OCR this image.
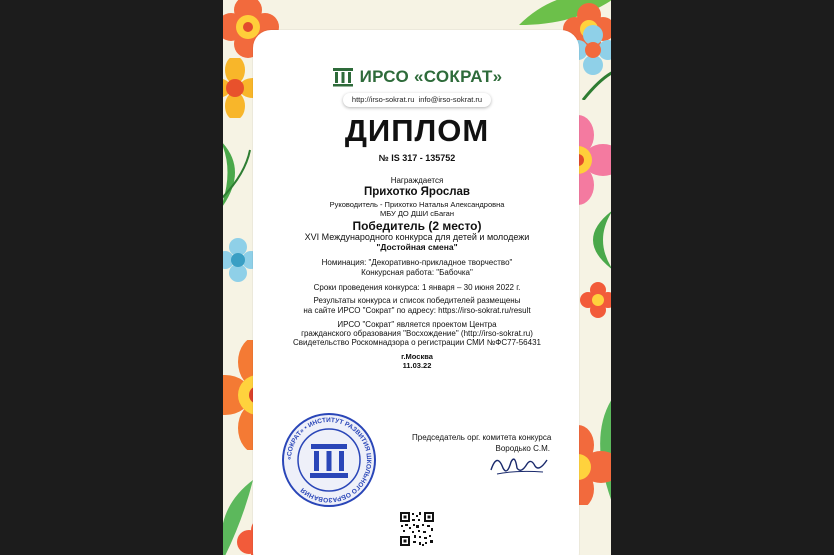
ИРСО «СОКРАТ»
http://irso-sokrat.ru info@irso-sokrat.ru
ДИПЛОМ
№ IS 317 - 135752
Награждается
Прихотко Ярослав
Руководитель - Прихотко Наталья Александровна
МБУ ДО ДШИ сБаган
Победитель (2 место)
XVI Международного конкурса для детей и молодежи
"Достойная смена"
Номинация: "Декоративно-прикладное творчество"
Конкурсная работа: "Бабочка"
Сроки проведения конкурса: 1 января – 30 июня 2022 г.
Результаты конкурса и список победителей размещены
на сайте ИРСО "Сократ" по адресу: https://irso-sokrat.ru/result
ИРСО "Сократ" является проектом Центра
гражданского образования "Восхождение" (http://irso-sokrat.ru)
Свидетельство Роскомнадзора о регистрации СМИ №ФС77-56431
г.Москва
11.03.22
«СОКРАТ» • ИНСТИТУТ РАЗВИТИЯ ШКОЛЬНОГО ОБРАЗОВАНИЯ
Председатель орг. комитета конкурса
Вородько С.М.
